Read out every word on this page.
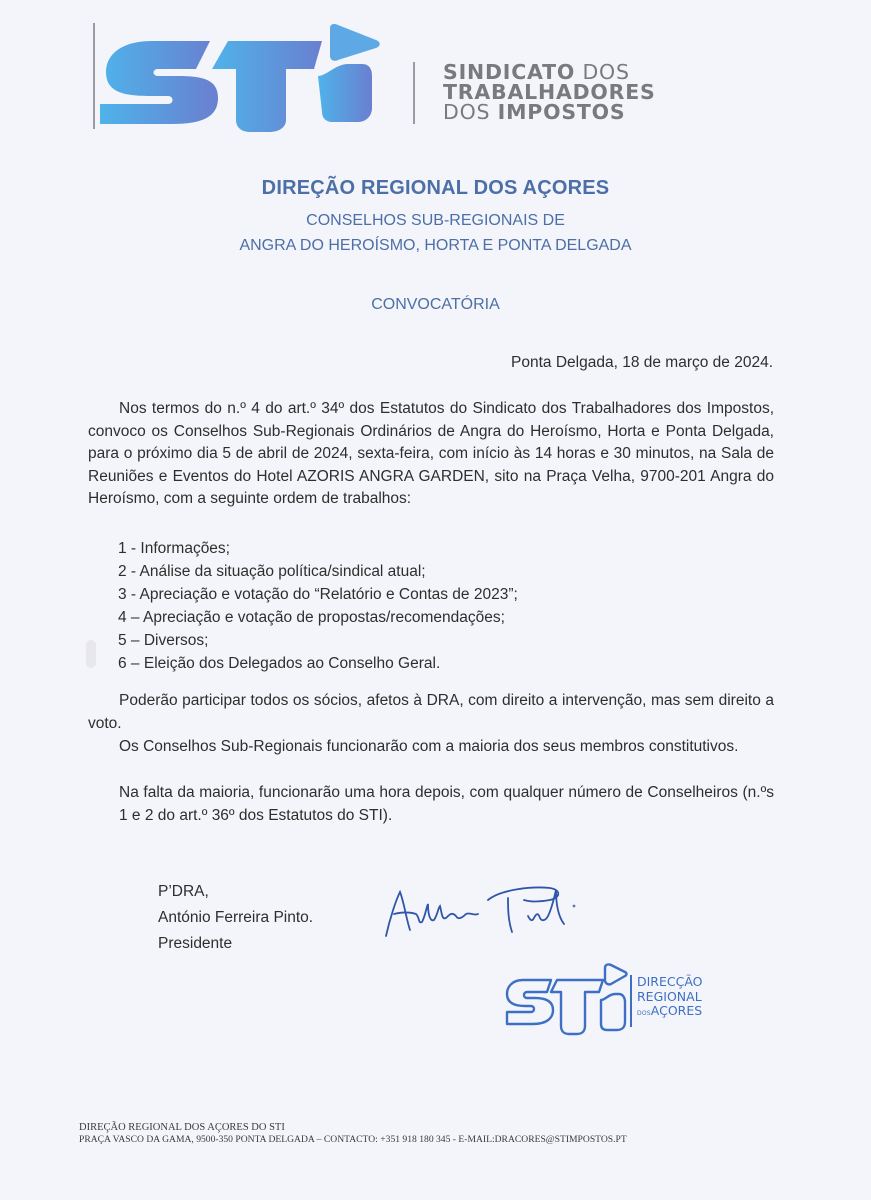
SINDICATO DOS
TRABALHADORES
DOS IMPOSTOS
DIREÇÃO REGIONAL DOS AÇORES
CONSELHOS SUB-REGIONAIS DE
ANGRA DO HEROÍSMO, HORTA E PONTA DELGADA
CONVOCATÓRIA
Ponta Delgada, 18 de março de 2024.
Nos termos do n.º 4 do art.º 34º dos Estatutos do Sindicato dos Trabalhadores dos Impostos, convoco os Conselhos Sub-Regionais Ordinários de Angra do Heroísmo, Horta e Ponta Delgada, para o próximo dia 5 de abril de 2024, sexta-feira, com início às 14 horas e 30 minutos, na Sala de Reuniões e Eventos do Hotel AZORIS ANGRA GARDEN, sito na Praça Velha, 9700-201 Angra do Heroísmo, com a seguinte ordem de trabalhos:
1 - Informações;
2 - Análise da situação política/sindical atual;
3 - Apreciação e votação do “Relatório e Contas de 2023”;
4 – Apreciação e votação de propostas/recomendações;
5 – Diversos;
6 – Eleição dos Delegados ao Conselho Geral.
Poderão participar todos os sócios, afetos à DRA, com direito a intervenção, mas sem direito a voto.
Os Conselhos Sub-Regionais funcionarão com a maioria dos seus membros constitutivos.
Na falta da maioria, funcionarão uma hora depois, com qualquer número de Conselheiros (n.ºs 1 e 2 do art.º 36º dos Estatutos do STI).
P’DRA,
António Ferreira Pinto.
Presidente
DIRECÇÃO
REGIONAL
DOSAÇORES
DIREÇÃO REGIONAL DOS AÇORES DO STI
PRAÇA VASCO DA GAMA, 9500-350 PONTA DELGADA – CONTACTO: +351 918 180 345 - E-MAIL:DRACORES@STIMPOSTOS.PT
